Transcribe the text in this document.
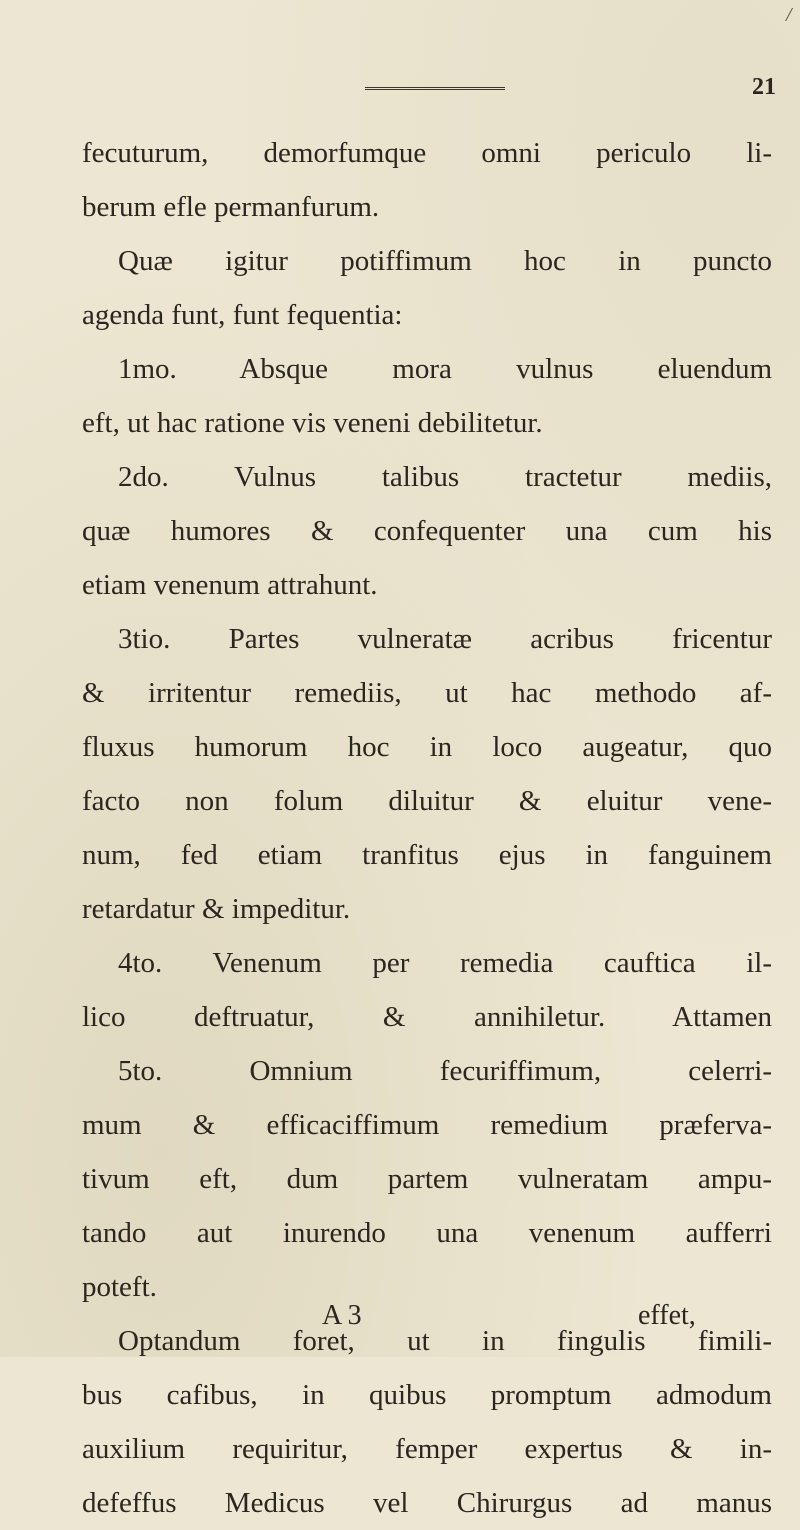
/
21
fecuturum, demorfumque omni periculo li-
berum efle permanfurum.
Quæ igitur potiffimum hoc in puncto
agenda funt, funt fequentia:
1mo. Absque mora vulnus eluendum
eft, ut hac ratione vis veneni debilitetur.
2do. Vulnus talibus tractetur mediis,
quæ humores & confequenter una cum his
etiam venenum attrahunt.
3tio. Partes vulneratæ acribus fricentur
& irritentur remediis, ut hac methodo af-
fluxus humorum hoc in loco augeatur, quo
facto non folum diluitur & eluitur vene-
num, fed etiam tranfitus ejus in fanguinem
retardatur & impeditur.
4to. Venenum per remedia cauftica il-
lico deftruatur, & annihiletur. Attamen
5to. Omnium fecuriffimum, celerri-
mum & efficaciffimum remedium præferva-
tivum eft, dum partem vulneratam ampu-
tando aut inurendo una venenum aufferri
poteft.
Optandum foret, ut in fingulis fimili-
bus cafibus, in quibus promptum admodum
auxilium requiritur, femper expertus & in-
defeffus Medicus vel Chirurgus ad manus
A 3	effet,
